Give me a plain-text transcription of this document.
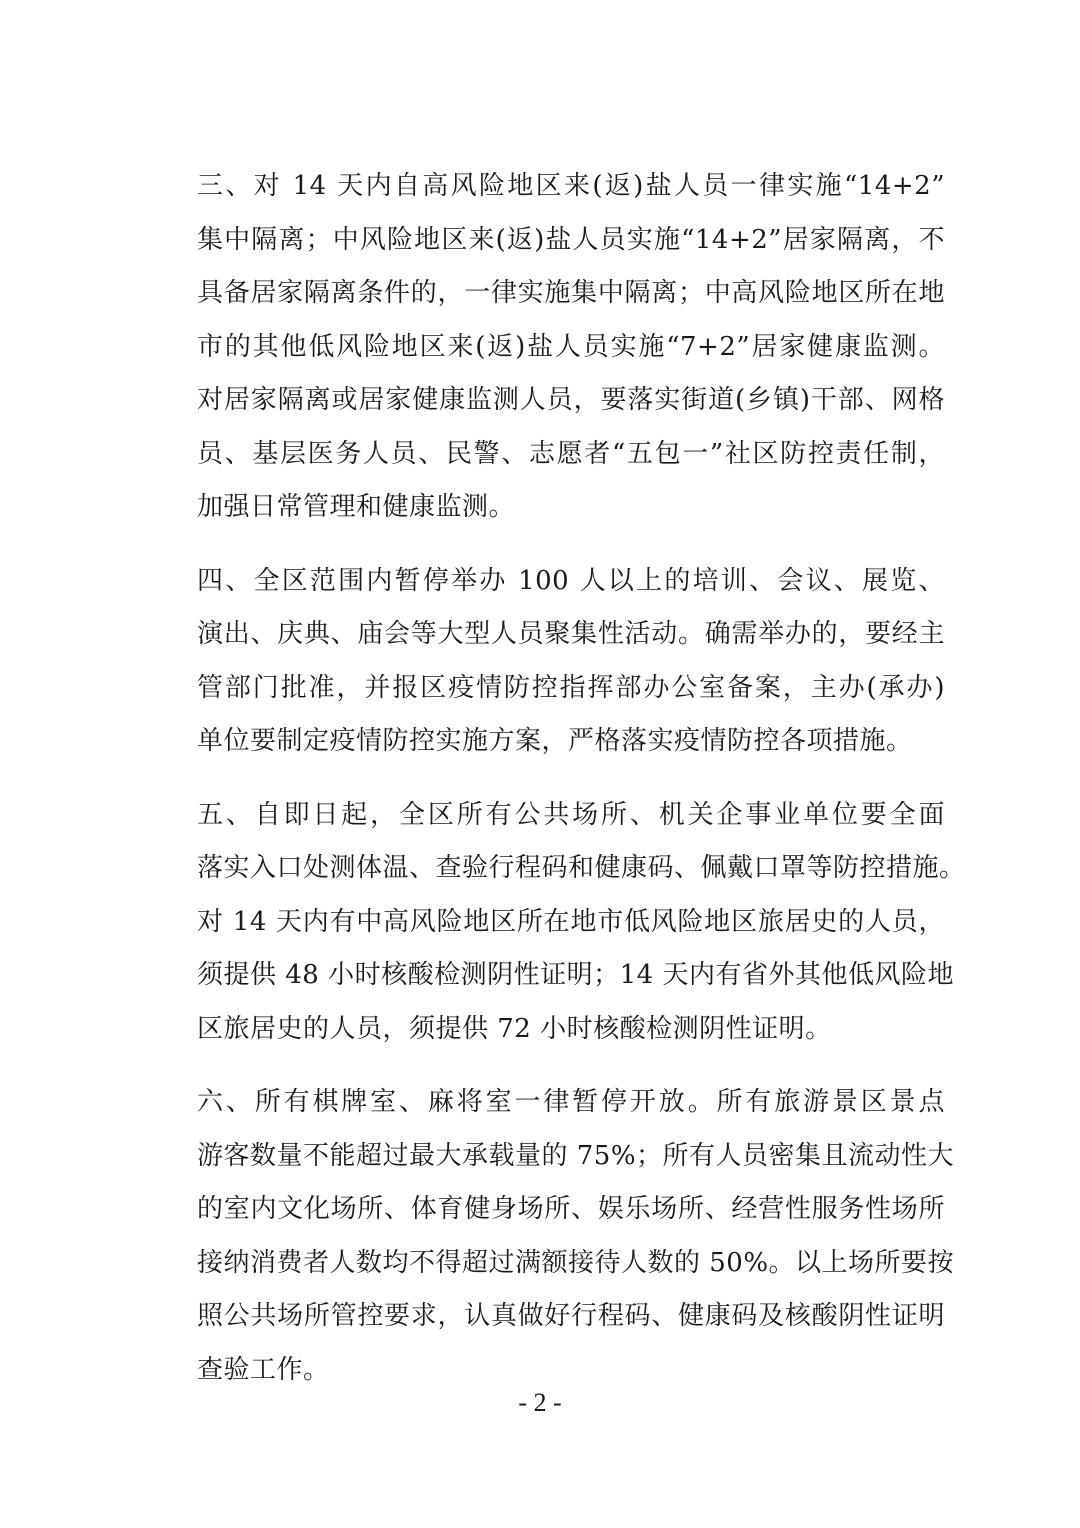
三、对 14 天内自高风险地区来(返)盐人员一律实施“14+2”
集中隔离；中风险地区来(返)盐人员实施“14+2”居家隔离，不
具备居家隔离条件的，一律实施集中隔离；中高风险地区所在地
市的其他低风险地区来(返)盐人员实施“7+2”居家健康监测。
对居家隔离或居家健康监测人员，要落实街道(乡镇)干部、网格
员、基层医务人员、民警、志愿者“五包一”社区防控责任制，
加强日常管理和健康监测。

四、全区范围内暂停举办 100 人以上的培训、会议、展览、
演出、庆典、庙会等大型人员聚集性活动。确需举办的，要经主
管部门批准，并报区疫情防控指挥部办公室备案，主办(承办)
单位要制定疫情防控实施方案，严格落实疫情防控各项措施。

五、自即日起，全区所有公共场所、机关企事业单位要全面
落实入口处测体温、查验行程码和健康码、佩戴口罩等防控措施。
对 14 天内有中高风险地区所在地市低风险地区旅居史的人员，
须提供 48 小时核酸检测阴性证明；14 天内有省外其他低风险地
区旅居史的人员，须提供 72 小时核酸检测阴性证明。

六、所有棋牌室、麻将室一律暂停开放。所有旅游景区景点
游客数量不能超过最大承载量的 75%；所有人员密集且流动性大
的室内文化场所、体育健身场所、娱乐场所、经营性服务性场所
接纳消费者人数均不得超过满额接待人数的 50%。以上场所要按
照公共场所管控要求，认真做好行程码、健康码及核酸阴性证明
查验工作。

- 2 -
